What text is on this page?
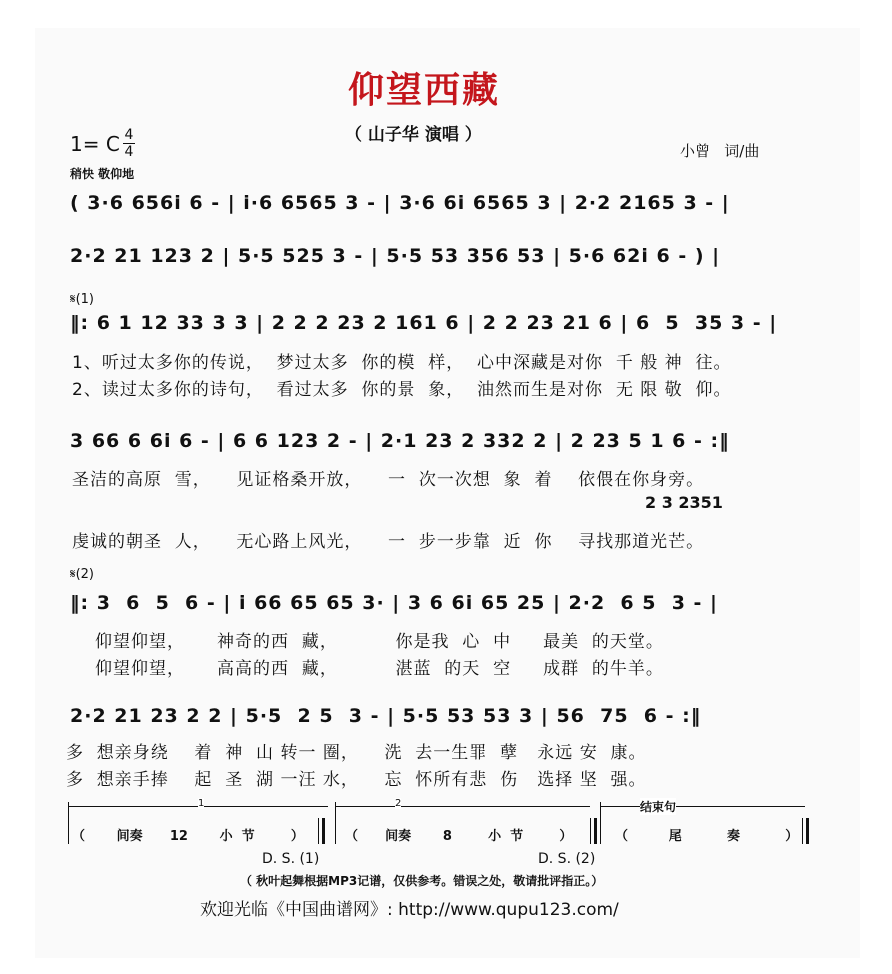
仰望西藏
（ 山子华 演唱 ）
1= C 4
4
稍快 敬仰地
小曾   词/曲
( 3·6 656i 6 - | i·6 6565 3 - | 3·6 6i 6565 3 | 2·2 2165 3 - |
2·2 21 123 2 | 5·5 525 3 - | 5·5 53 356 53 | 5·6 62i 6 - ) |
𝄋(1)
‖: 6 1 12 33 3 3 | 2 2 2 23 2 161 6 | 2 2 23 21 6 | 6  5  35 3 - |
1、听过太多你的传说，  梦过太多  你的模  样，  心中深藏是对你  千 般 神  往。
2、读过太多你的诗句，  看过太多  你的景  象，  油然而生是对你  无 限 敬  仰。
3 66 6 6i 6 - | 6 6 123 2 - | 2·1 23 2 332 2 | 2 23 5 1 6 - :‖
圣洁的高原  雪，    见证格桑开放，    一  次一次想  象  着    依偎在你身旁。
2 3 2351
虔诚的朝圣  人，    无心路上风光，    一  步一步靠  近  你    寻找那道光芒。
𝄋(2)
‖: 3  6  5  6 - | i 66 65 65 3· | 3 6 6i 65 25 | 2·2  6 5  3 - |
仰望仰望，     神奇的西  藏，         你是我  心  中     最美  的天堂。
仰望仰望，     高高的西  藏，         湛蓝  的天  空     成群  的牛羊。
2·2 21 23 2 2 | 5·5  2 5  3 - | 5·5 53 53 3 | 56  75  6 - :‖
多  想亲身绕    着  神  山 转一 圈，    洗  去一生罪  孽   永远 安  康。
多  想亲手捧    起  圣  湖 一汪 水，    忘  怀所有悲  伤   选择 坚  强。
1	2	结束句
（       间奏      12       小  节        ）	（      间奏       8        小  节        ）	（         尾          奏          ）
D. S. (1)	D. S. (2)
（ 秋叶起舞根据MP3记谱，仅供参考。错误之处，敬请批评指正。）
欢迎光临《中国曲谱网》: http://www.qupu123.com/
